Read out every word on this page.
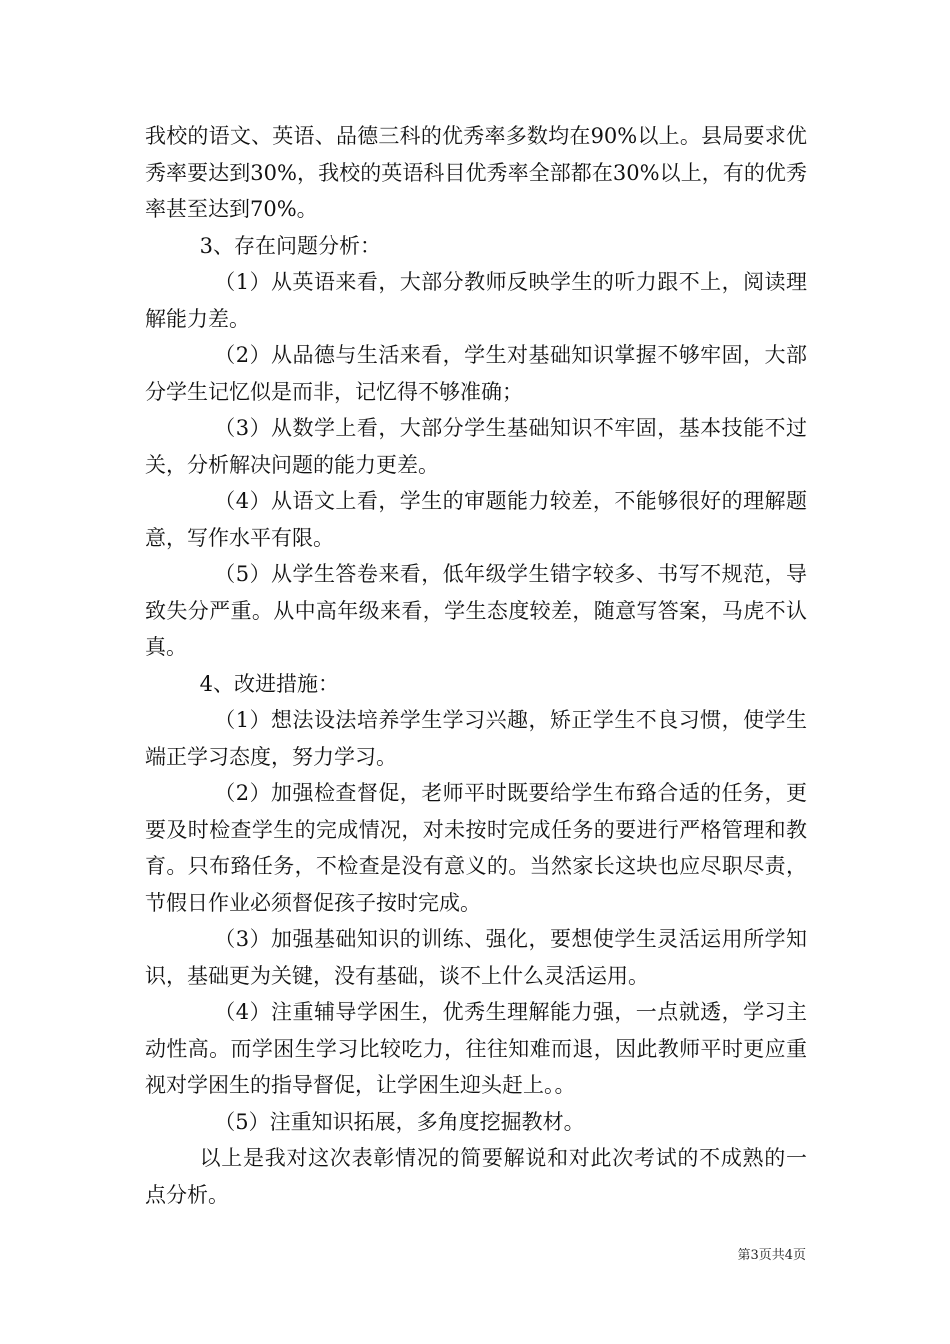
我校的语文、英语、品德三科的优秀率多数均在90%以上。县局要求优秀率要达到30%，我校的英语科目优秀率全部都在30%以上，有的优秀率甚至达到70%。

3、存在问题分析：

（1）从英语来看，大部分教师反映学生的听力跟不上，阅读理解能力差。

（2）从品德与生活来看，学生对基础知识掌握不够牢固，大部分学生记忆似是而非，记忆得不够准确；

（3）从数学上看，大部分学生基础知识不牢固，基本技能不过关，分析解决问题的能力更差。

（4）从语文上看，学生的审题能力较差，不能够很好的理解题意，写作水平有限。

（5）从学生答卷来看，低年级学生错字较多、书写不规范，导致失分严重。从中高年级来看，学生态度较差，随意写答案，马虎不认真。

4、改进措施：

（1）想法设法培养学生学习兴趣，矫正学生不良习惯，使学生端正学习态度，努力学习。

（2）加强检查督促，老师平时既要给学生布臵合适的任务，更要及时检查学生的完成情况，对未按时完成任务的要进行严格管理和教育。只布臵任务，不检查是没有意义的。当然家长这块也应尽职尽责，节假日作业必须督促孩子按时完成。

（3）加强基础知识的训练、强化，要想使学生灵活运用所学知识，基础更为关键，没有基础，谈不上什么灵活运用。

（4）注重辅导学困生，优秀生理解能力强，一点就透，学习主动性高。而学困生学习比较吃力，往往知难而退，因此教师平时更应重视对学困生的指导督促，让学困生迎头赶上。。

（5）注重知识拓展，多角度挖掘教材。

以上是我对这次表彰情况的简要解说和对此次考试的不成熟的一点分析。

第3页共4页
